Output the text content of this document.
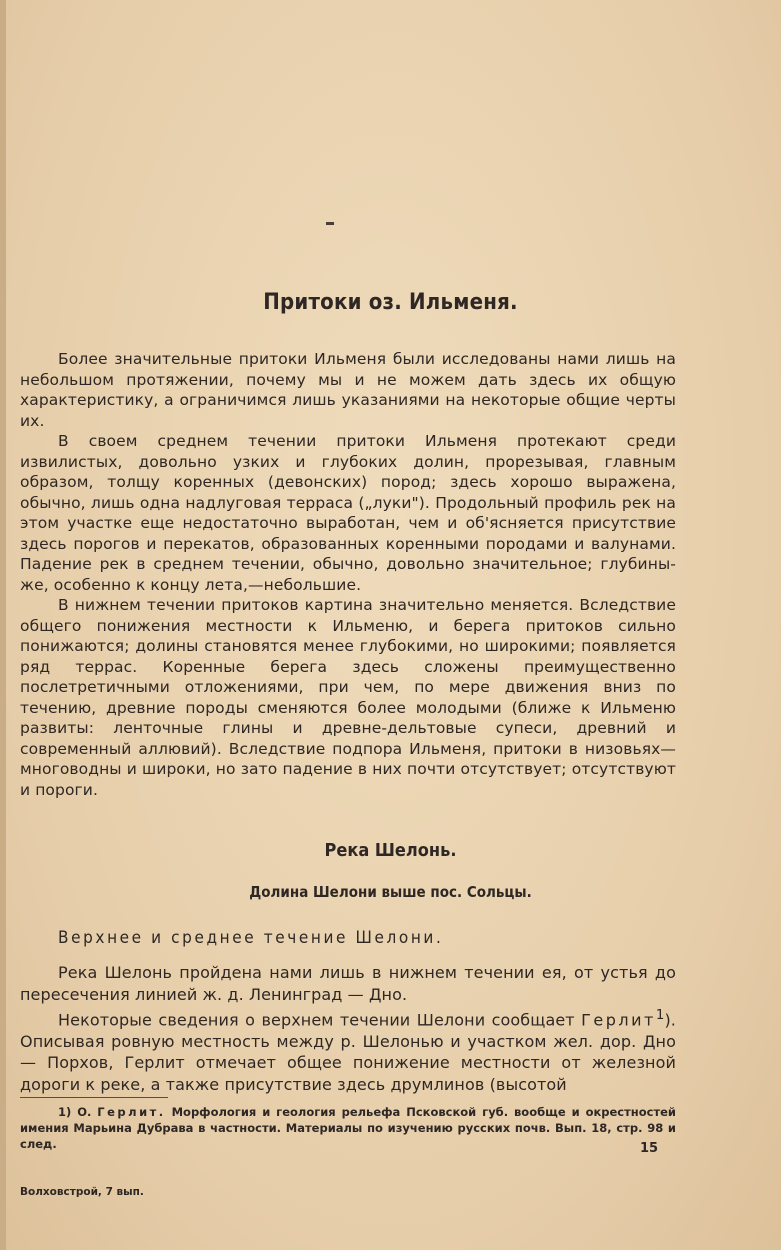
Притоки оз. Ильменя.

Более значительные притоки Ильменя были исследованы нами лишь на небольшом протяжении, почему мы и не можем дать здесь их общую характеристику, а ограничимся лишь указаниями на некоторые общие черты их.

В своем среднем течении притоки Ильменя протекают среди извилистых, довольно узких и глубоких долин, прорезывая, главным образом, толщу коренных (девонских) пород; здесь хорошо выражена, обычно, лишь одна надлуговая терраса („луки"). Продольный профиль рек на этом участке еще недостаточно выработан, чем и об'ясняется присутствие здесь порогов и перекатов, образованных коренными породами и валунами. Падение рек в среднем течении, обычно, довольно значительное; глубины-же, особенно к концу лета,—небольшие.

В нижнем течении притоков картина значительно меняется. Вследствие общего понижения местности к Ильменю, и берега притоков сильно понижаются; долины становятся менее глубокими, но широкими; появляется ряд террас. Коренные берега здесь сложены преимущественно послетретичными отложениями, при чем, по мере движения вниз по течению, древние породы сменяются более молодыми (ближе к Ильменю развиты: ленточные глины и древне-дельтовые супеси, древний и современный аллювий). Вследствие подпора Ильменя, притоки в низовьях—многоводны и широки, но зато падение в них почти отсутствует; отсутствуют и пороги.

Река Шелонь.
Долина Шелони выше пос. Сольцы.
Верхнее и среднее течение Шелони.

Река Шелонь пройдена нами лишь в нижнем течении ея, от устья до пересечения линией ж. д. Ленинград — Дно.

Некоторые сведения о верхнем течении Шелони сообщает Герлит$^1$). Описывая ровную местность между р. Шелонью и участком жел. дор. Дно — Порхов, Герлит отмечает общее понижение местности от железной дороги к реке, а также присутствие здесь друмлинов (высотой

1) О. Герлит. Морфология и геология рельефа Псковской губ. вообще и окрестностей имения Марьина Дубрава в частности. Материалы по изучению русских почв. Вып. 18, стр. 98 и след.	15
Волховстрой, 7 вып.
